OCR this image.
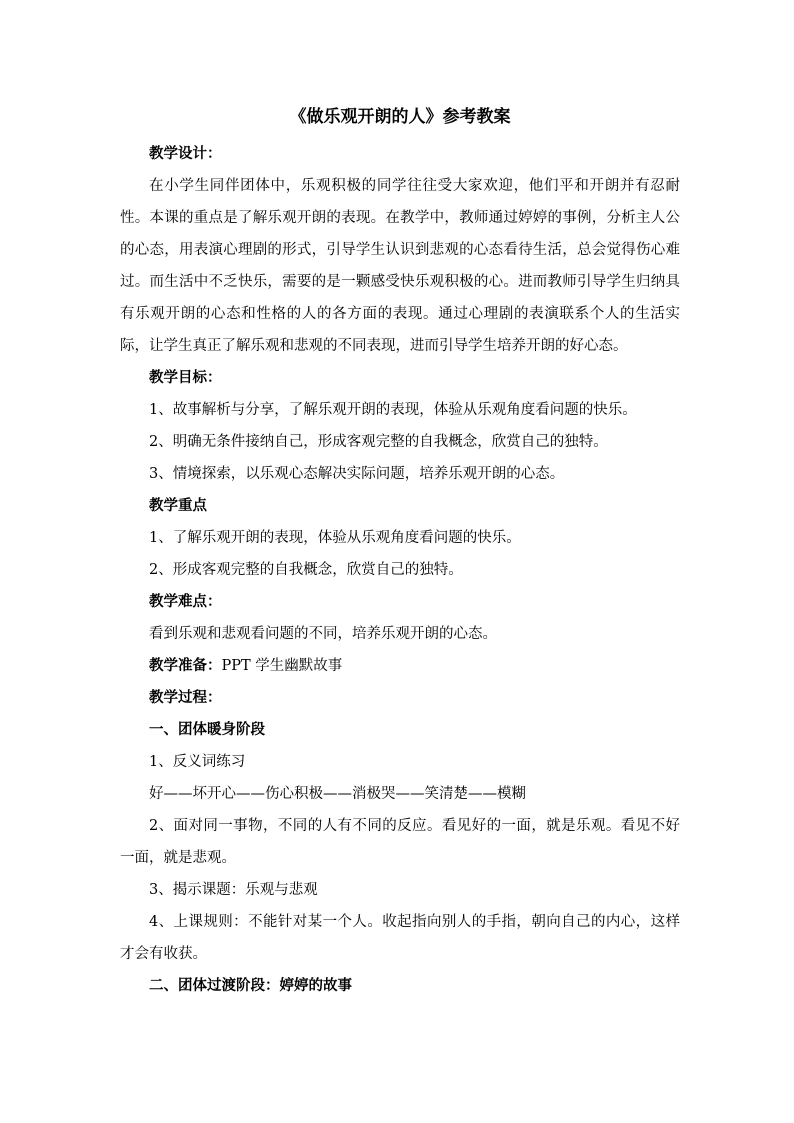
《做乐观开朗的人》参考教案

教学设计：

在小学生同伴团体中，乐观积极的同学往往受大家欢迎，他们平和开朗并有忍耐性。本课的重点是了解乐观开朗的表现。在教学中，教师通过婷婷的事例，分析主人公的心态，用表演心理剧的形式，引导学生认识到悲观的心态看待生活，总会觉得伤心难过。而生活中不乏快乐，需要的是一颗感受快乐观积极的心。进而教师引导学生归纳具有乐观开朗的心态和性格的人的各方面的表现。通过心理剧的表演联系个人的生活实际，让学生真正了解乐观和悲观的不同表现，进而引导学生培养开朗的好心态。

教学目标：

1、故事解析与分享，了解乐观开朗的表现，体验从乐观角度看问题的快乐。

2、明确无条件接纳自己，形成客观完整的自我概念，欣赏自己的独特。

3、情境探索，以乐观心态解决实际问题，培养乐观开朗的心态。

教学重点

1、了解乐观开朗的表现，体验从乐观角度看问题的快乐。

2、形成客观完整的自我概念，欣赏自己的独特。

教学难点：

看到乐观和悲观看问题的不同，培养乐观开朗的心态。

教学准备：PPT 学生幽默故事

教学过程：

一、团体暖身阶段

1、反义词练习

好——坏开心——伤心积极——消极哭——笑清楚——模糊

2、面对同一事物，不同的人有不同的反应。看见好的一面，就是乐观。看见不好一面，就是悲观。

3、揭示课题：乐观与悲观

4、上课规则：不能针对某一个人。收起指向别人的手指，朝向自己的内心，这样才会有收获。

二、团体过渡阶段：婷婷的故事
